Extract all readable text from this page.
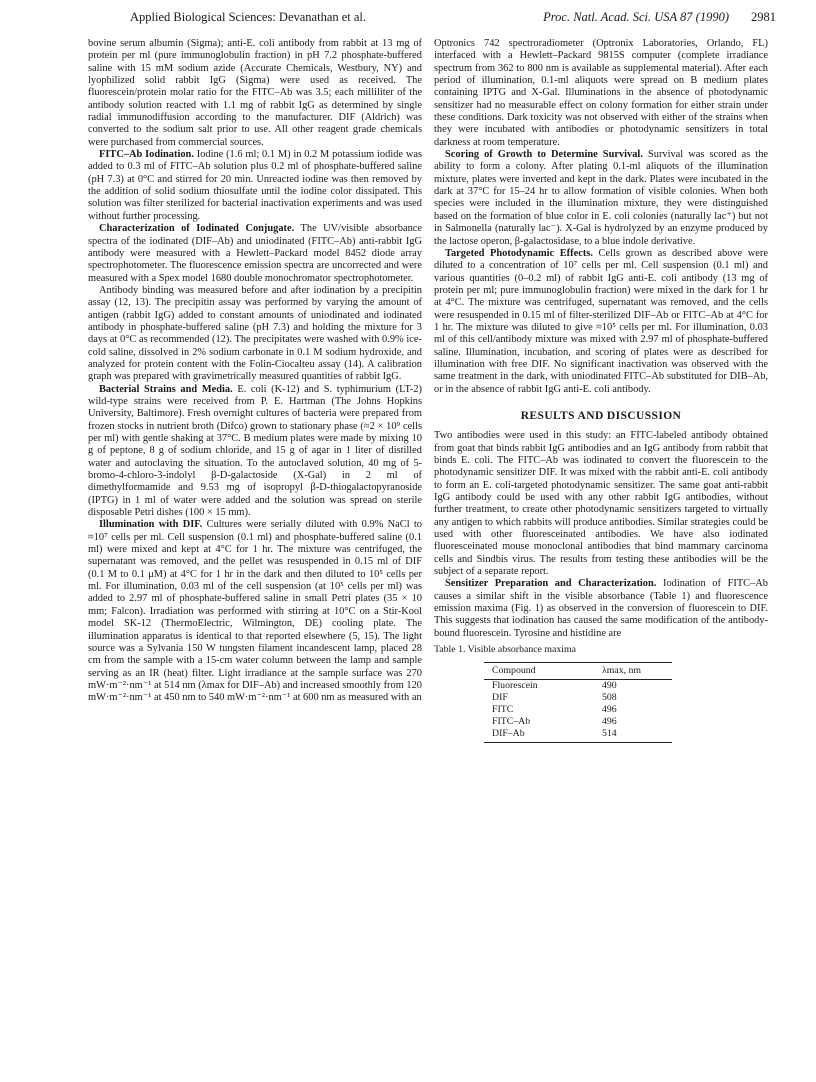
Applied Biological Sciences: Devanathan et al.	Proc. Natl. Acad. Sci. USA 87 (1990) 2981

bovine serum albumin (Sigma); anti-E. coli antibody from rabbit at 13 mg of protein per ml (pure immunoglobulin fraction) in pH 7.2 phosphate-buffered saline with 15 mM sodium azide (Accurate Chemicals, Westbury, NY) and lyophilized solid rabbit IgG (Sigma) were used as received. The fluorescein/protein molar ratio for the FITC–Ab was 3.5; each milliliter of the antibody solution reacted with 1.1 mg of rabbit IgG as determined by single radial immunodiffusion according to the manufacturer. DIF (Aldrich) was converted to the sodium salt prior to use. All other reagent grade chemicals were purchased from commercial sources.

FITC–Ab Iodination. Iodine (1.6 ml; 0.1 M) in 0.2 M potassium iodide was added to 0.3 ml of FITC–Ab solution plus 0.2 ml of phosphate-buffered saline (pH 7.3) at 0°C and stirred for 20 min. Unreacted iodine was then removed by the addition of solid sodium thiosulfate until the iodine color dissipated. This solution was filter sterilized for bacterial inactivation experiments and was used without further processing.

Characterization of Iodinated Conjugate. The UV/visible absorbance spectra of the iodinated (DIF–Ab) and uniodinated (FITC–Ab) anti-rabbit IgG antibody were measured with a Hewlett–Packard model 8452 diode array spectrophotometer. The fluorescence emission spectra are uncorrected and were measured with a Spex model 1680 double monochromator spectrophotometer.

Antibody binding was measured before and after iodination by a precipitin assay (12, 13). The precipitin assay was performed by varying the amount of antigen (rabbit IgG) added to constant amounts of uniodinated and iodinated antibody in phosphate-buffered saline (pH 7.3) and holding the mixture for 3 days at 0°C as recommended (12). The precipitates were washed with 0.9% ice-cold saline, dissolved in 2% sodium carbonate in 0.1 M sodium hydroxide, and analyzed for protein content with the Folin-Ciocalteu assay (14). A calibration graph was prepared with gravimetrically measured quantities of rabbit IgG.

Bacterial Strains and Media. E. coli (K-12) and S. typhimurium (LT-2) wild-type strains were received from P. E. Hartman (The Johns Hopkins University, Baltimore). Fresh overnight cultures of bacteria were prepared from frozen stocks in nutrient broth (Difco) grown to stationary phase (≈2 × 10⁹ cells per ml) with gentle shaking at 37°C. B medium plates were made by mixing 10 g of peptone, 8 g of sodium chloride, and 15 g of agar in 1 liter of distilled water and autoclaving the situation. To the autoclaved solution, 40 mg of 5-bromo-4-chloro-3-indolyl β-D-galactoside (X-Gal) in 2 ml of dimethylformamide and 9.53 mg of isopropyl β-D-thiogalactopyranoside (IPTG) in 1 ml of water were added and the solution was spread on sterile disposable Petri dishes (100 × 15 mm).

Illumination with DIF. Cultures were serially diluted with 0.9% NaCl to ≈10⁷ cells per ml. Cell suspension (0.1 ml) and phosphate-buffered saline (0.1 ml) were mixed and kept at 4°C for 1 hr. The mixture was centrifuged, the supernatant was removed, and the pellet was resuspended in 0.15 ml of DIF (0.1 M to 0.1 μM) at 4°C for 1 hr in the dark and then diluted to 10⁵ cells per ml. For illumination, 0.03 ml of the cell suspension (at 10⁵ cells per ml) was added to 2.97 ml of phosphate-buffered saline in small Petri plates (35 × 10 mm; Falcon). Irradiation was performed with stirring at 10°C on a Stir-Kool model SK-12 (ThermoElectric, Wilmington, DE) cooling plate. The illumination apparatus is identical to that reported elsewhere (5, 15). The light source was a Sylvania 150 W tungsten filament incandescent lamp, placed 28 cm from the sample with a 15-cm water column between the lamp and sample serving as an IR (heat) filter. Light irradiance at the sample surface was 270 mW·m⁻²·nm⁻¹ at 514 nm (λmax for DIF–Ab) and increased smoothly from 120 mW·m⁻²·nm⁻¹ at 450 nm to 540 mW·m⁻²·nm⁻¹ at 600 nm as measured with an

Optronics 742 spectroradiometer (Optronix Laboratories, Orlando, FL) interfaced with a Hewlett–Packard 9815S computer (complete irradiance spectrum from 362 to 800 nm is available as supplemental material). After each period of illumination, 0.1-ml aliquots were spread on B medium plates containing IPTG and X-Gal. Illuminations in the absence of photodynamic sensitizer had no measurable effect on colony formation for either strain under these conditions. Dark toxicity was not observed with either of the strains when they were incubated with antibodies or photodynamic sensitizers in total darkness at room temperature.

Scoring of Growth to Determine Survival. Survival was scored as the ability to form a colony. After plating 0.1-ml aliquots of the illumination mixture, plates were inverted and kept in the dark. Plates were incubated in the dark at 37°C for 15–24 hr to allow formation of visible colonies. When both species were included in the illumination mixture, they were distinguished based on the formation of blue color in E. coli colonies (naturally lac⁺) but not in Salmonella (naturally lac⁻). X-Gal is hydrolyzed by an enzyme produced by the lactose operon, β-galactosidase, to a blue indole derivative.

Targeted Photodynamic Effects. Cells grown as described above were diluted to a concentration of 10⁷ cells per ml. Cell suspension (0.1 ml) and various quantities (0–0.2 ml) of rabbit IgG anti-E. coli antibody (13 mg of protein per ml; pure immunoglobulin fraction) were mixed in the dark for 1 hr at 4°C. The mixture was centrifuged, supernatant was removed, and the cells were resuspended in 0.15 ml of filter-sterilized DIF–Ab or FITC–Ab at 4°C for 1 hr. The mixture was diluted to give ≈10⁵ cells per ml. For illumination, 0.03 ml of this cell/antibody mixture was mixed with 2.97 ml of phosphate-buffered saline. Illumination, incubation, and scoring of plates were as described for illumination with free DIF. No significant inactivation was observed with the same treatment in the dark, with uniodinated FITC–Ab substituted for DIB–Ab, or in the absence of rabbit IgG anti-E. coli antibody.

RESULTS AND DISCUSSION

Two antibodies were used in this study: an FITC-labeled antibody obtained from goat that binds rabbit IgG antibodies and an IgG antibody from rabbit that binds E. coli. The FITC–Ab was iodinated to convert the fluorescein to the photodynamic sensitizer DIF. It was mixed with the rabbit anti-E. coli antibody to form an E. coli-targeted photodynamic sensitizer. The same goat anti-rabbit IgG antibody could be used with any other rabbit IgG antibodies, without further treatment, to create other photodynamic sensitizers targeted to virtually any antigen to which rabbits will produce antibodies. Similar strategies could be used with other fluoresceinated antibodies. We have also iodinated fluoresceinated mouse monoclonal antibodies that bind mammary carcinoma cells and Sindbis virus. The results from testing these antibodies will be the subject of a separate report.

Sensitizer Preparation and Characterization. Iodination of FITC–Ab causes a similar shift in the visible absorbance (Table 1) and fluorescence emission maxima (Fig. 1) as observed in the conversion of fluorescein to DIF. This suggests that iodination has caused the same modification of the antibody-bound fluorescein. Tyrosine and histidine are

Table 1. Visible absorbance maxima
Compound	λmax, nm
Fluorescein	490
DIF	508
FITC	496
FITC–Ab	496
DIF–Ab	514
